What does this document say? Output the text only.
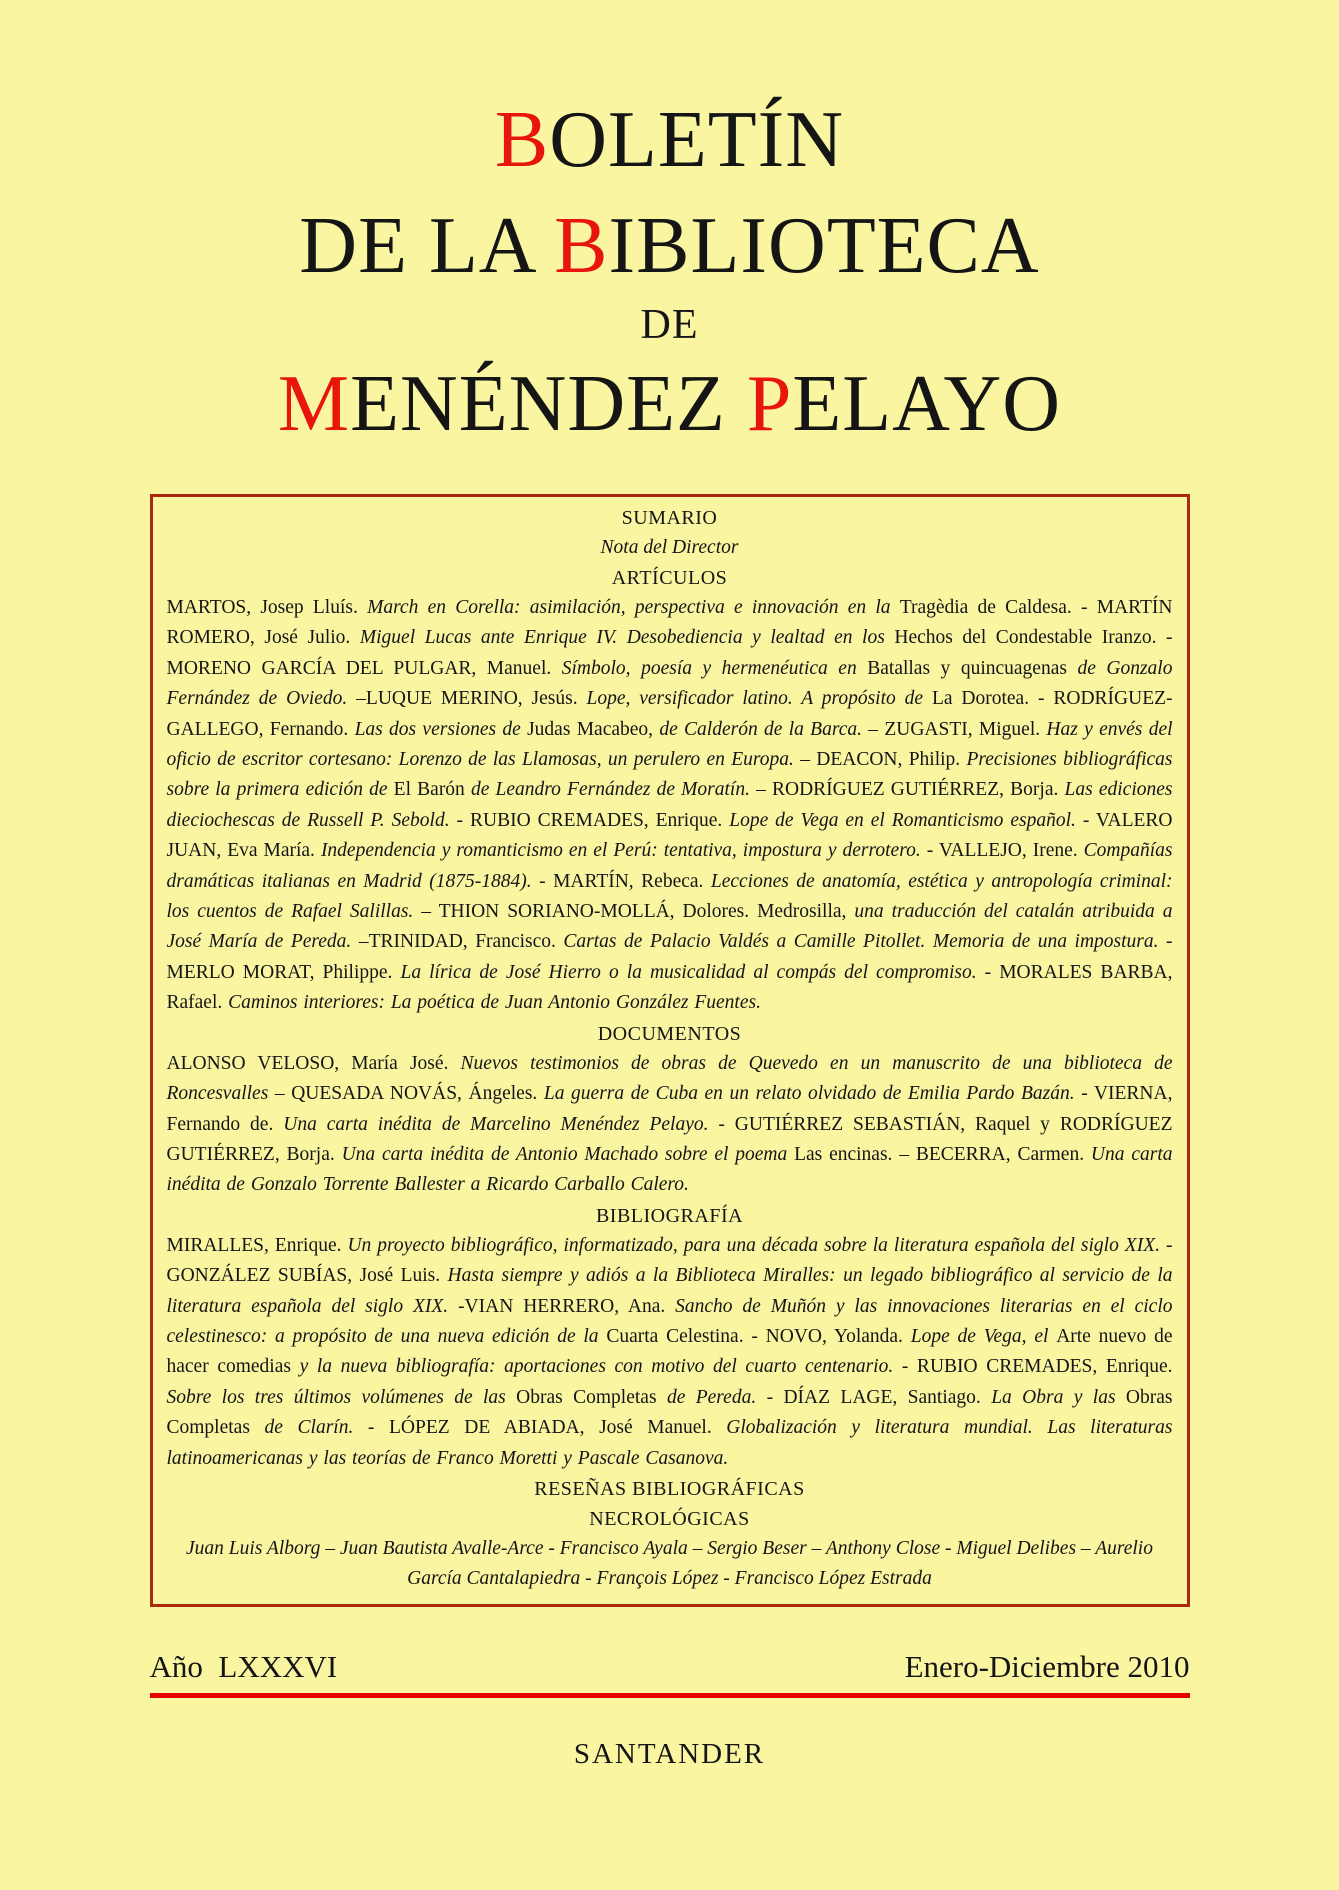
BOLETÍN
DE LA BIBLIOTECA
DE
MENÉNDEZ PELAYO
SUMARIO
Nota del Director
ARTÍCULOS

MARTOS, Josep Lluís. March en Corella: asimilación, perspectiva e innovación en la Tragèdia de Caldesa. - MARTÍN ROMERO, José Julio. Miguel Lucas ante Enrique IV. Desobediencia y lealtad en los Hechos del Condestable Iranzo. - MORENO GARCÍA DEL PULGAR, Manuel. Símbolo, poesía y hermenéutica en Batallas y quincuagenas de Gonzalo Fernández de Oviedo. –LUQUE MERINO, Jesús. Lope, versificador latino. A propósito de La Dorotea. - RODRÍGUEZ-GALLEGO, Fernando. Las dos versiones de Judas Macabeo, de Calderón de la Barca. – ZUGASTI, Miguel. Haz y envés del oficio de escritor cortesano: Lorenzo de las Llamosas, un perulero en Europa. – DEACON, Philip. Precisiones bibliográficas sobre la primera edición de El Barón de Leandro Fernández de Moratín. – RODRÍGUEZ GUTIÉRREZ, Borja. Las ediciones dieciochescas de Russell P. Sebold. - RUBIO CREMADES, Enrique. Lope de Vega en el Romanticismo español. - VALERO JUAN, Eva María. Independencia y romanticismo en el Perú: tentativa, impostura y derrotero. - VALLEJO, Irene. Compañías dramáticas italianas en Madrid (1875-1884). - MARTÍN, Rebeca. Lecciones de anatomía, estética y antropología criminal: los cuentos de Rafael Salillas. – THION SORIANO-MOLLÁ, Dolores. Medrosilla, una traducción del catalán atribuida a José María de Pereda. –TRINIDAD, Francisco. Cartas de Palacio Valdés a Camille Pitollet. Memoria de una impostura. - MERLO MORAT, Philippe. La lírica de José Hierro o la musicalidad al compás del compromiso. - MORALES BARBA, Rafael. Caminos interiores: La poética de Juan Antonio González Fuentes.

DOCUMENTOS

ALONSO VELOSO, María José. Nuevos testimonios de obras de Quevedo en un manuscrito de una biblioteca de Roncesvalles – QUESADA NOVÁS, Ángeles. La guerra de Cuba en un relato olvidado de Emilia Pardo Bazán. - VIERNA, Fernando de. Una carta inédita de Marcelino Menéndez Pelayo. - GUTIÉRREZ SEBASTIÁN, Raquel y RODRÍGUEZ GUTIÉRREZ, Borja. Una carta inédita de Antonio Machado sobre el poema Las encinas. – BECERRA, Carmen. Una carta inédita de Gonzalo Torrente Ballester a Ricardo Carballo Calero.

BIBLIOGRAFÍA

MIRALLES, Enrique. Un proyecto bibliográfico, informatizado, para una década sobre la literatura española del siglo XIX. - GONZÁLEZ SUBÍAS, José Luis. Hasta siempre y adiós a la Biblioteca Miralles: un legado bibliográfico al servicio de la literatura española del siglo XIX. -VIAN HERRERO, Ana. Sancho de Muñón y las innovaciones literarias en el ciclo celestinesco: a propósito de una nueva edición de la Cuarta Celestina. - NOVO, Yolanda. Lope de Vega, el Arte nuevo de hacer comedias y la nueva bibliografía: aportaciones con motivo del cuarto centenario. - RUBIO CREMADES, Enrique. Sobre los tres últimos volúmenes de las Obras Completas de Pereda. - DÍAZ LAGE, Santiago. La Obra y las Obras Completas de Clarín. - LÓPEZ DE ABIADA, José Manuel. Globalización y literatura mundial. Las literaturas latinoamericanas y las teorías de Franco Moretti y Pascale Casanova.

RESEÑAS BIBLIOGRÁFICAS
NECROLÓGICAS

Juan Luis Alborg – Juan Bautista Avalle-Arce - Francisco Ayala – Sergio Beser – Anthony Close - Miguel Delibes – Aurelio García Cantalapiedra - François López - Francisco López Estrada

Año  LXXXVI	Enero-Diciembre 2010
SANTANDER
